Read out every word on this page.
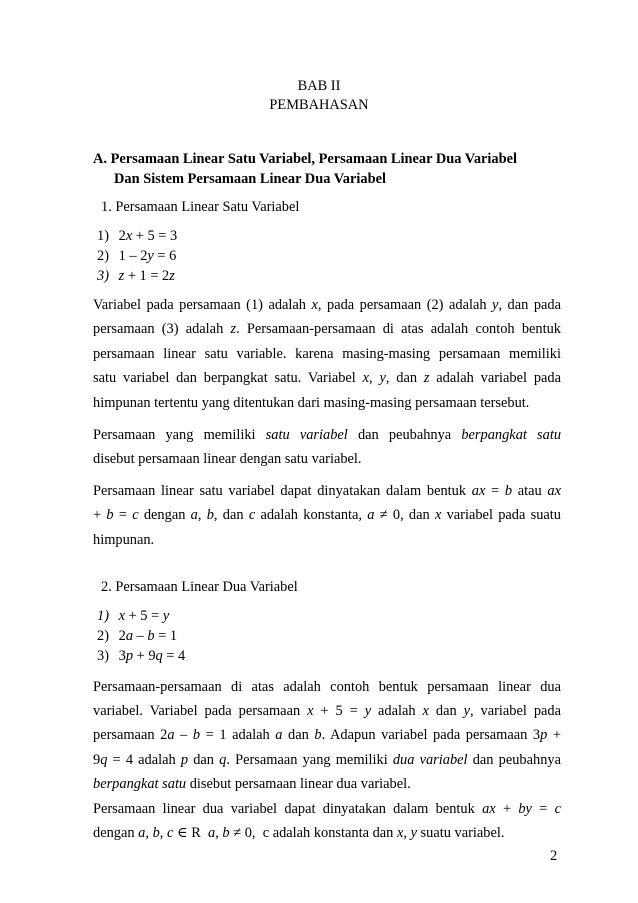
BAB II
PEMBAHASAN
A. Persamaan Linear Satu Variabel, Persamaan Linear Dua Variabel
Dan Sistem Persamaan Linear Dua Variabel
1. Persamaan Linear Satu Variabel
1) 2x + 5 = 3
2) 1 – 2y = 6
3) z + 1 = 2z

Variabel pada persamaan (1) adalah x, pada persamaan (2) adalah y, dan pada

persamaan (3) adalah z. Persamaan-persamaan di atas adalah contoh bentuk

persamaan linear satu variable. karena masing-masing persamaan memiliki

satu variabel dan berpangkat satu. Variabel x, y, dan z adalah variabel pada

himpunan tertentu yang ditentukan dari masing-masing persamaan tersebut.

Persamaan yang memiliki satu variabel dan peubahnya berpangkat satu

disebut persamaan linear dengan satu variabel.

Persamaan linear satu variabel dapat dinyatakan dalam bentuk ax = b atau ax

+ b = c dengan a, b, dan c adalah konstanta, a ≠ 0, dan x variabel pada suatu

himpunan.

2. Persamaan Linear Dua Variabel
1) x + 5 = y
2) 2a – b = 1
3) 3p + 9q = 4

Persamaan-persamaan di atas adalah contoh bentuk persamaan linear dua

variabel. Variabel pada persamaan x + 5 = y adalah x dan y, variabel pada

persamaan 2a – b = 1 adalah a dan b. Adapun variabel pada persamaan 3p +

9q = 4 adalah p dan q. Persamaan yang memiliki dua variabel dan peubahnya

berpangkat satu disebut persamaan linear dua variabel.

Persamaan linear dua variabel dapat dinyatakan dalam bentuk ax + by = c

dengan a, b, c ∈ R  a, b ≠ 0,  c adalah konstanta dan x, y suatu variabel.

2
